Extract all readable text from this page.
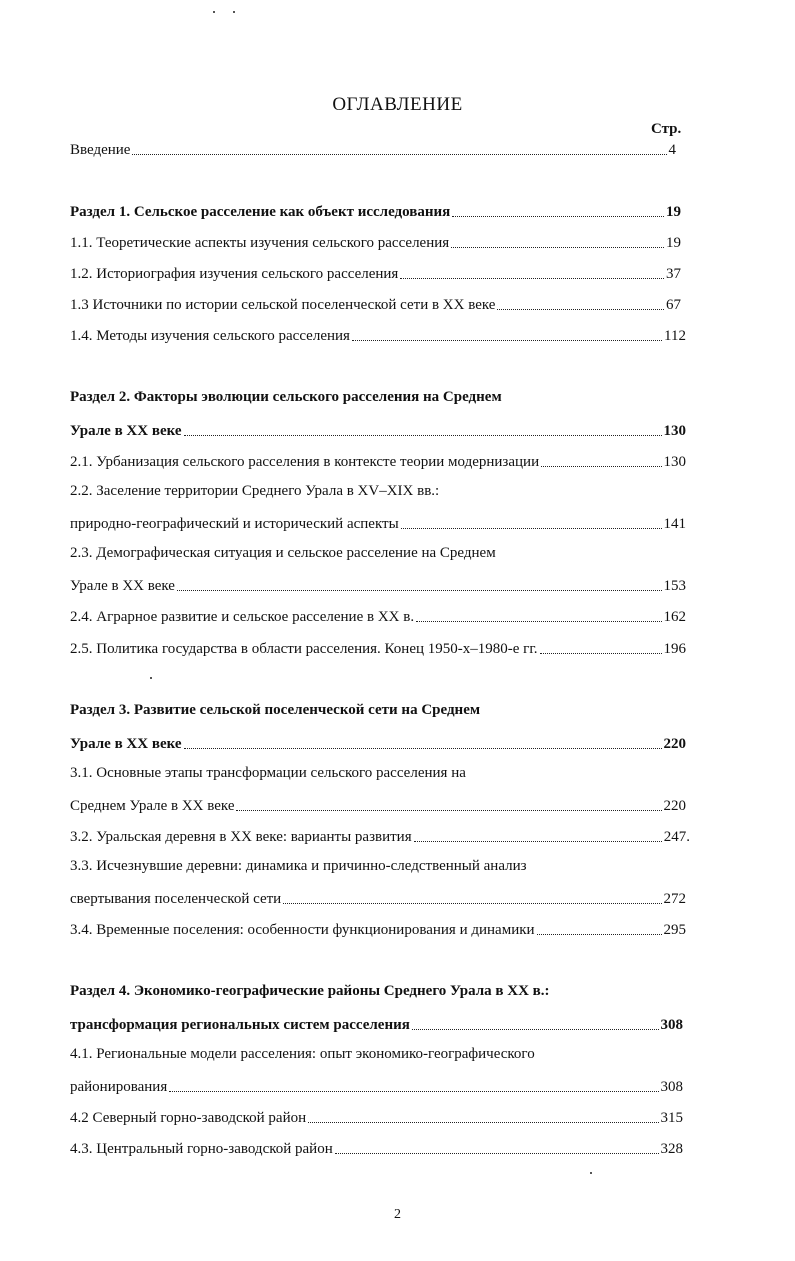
ОГЛАВЛЕНИЕ
Стр.
Введение	4
Раздел 1. Сельское расселение как объект исследования	19
1.1. Теоретические аспекты изучения сельского расселения	19
1.2. Историография изучения сельского расселения	37
1.3 Источники по истории сельской поселенческой сети в ХХ веке	67
1.4. Методы изучения сельского расселения	112
Раздел 2. Факторы эволюции сельского расселения на Среднем
Урале в ХХ веке	130
2.1. Урбанизация сельского расселения в контексте теории модернизации	130
2.2. Заселение территории Среднего Урала в XV–XIX вв.:
природно-географический и исторический аспекты	141
2.3. Демографическая ситуация и сельское расселение на Среднем
Урале в ХХ веке	153
2.4. Аграрное развитие и сельское расселение в ХХ в.	162
2.5. Политика государства в области расселения. Конец 1950-х–1980-е гг.	196
Раздел 3. Развитие сельской поселенческой сети на Среднем
Урале в ХХ веке	220
3.1. Основные этапы трансформации сельского расселения на
Среднем Урале в ХХ веке	220
3.2. Уральская деревня в ХХ веке: варианты развития	247.
3.3. Исчезнувшие деревни: динамика и причинно-следственный анализ
свертывания поселенческой сети	272
3.4. Временные поселения: особенности функционирования и динамики	295
Раздел 4. Экономико-географические районы Среднего Урала в ХХ в.:
трансформация региональных систем расселения	308
4.1. Региональные модели расселения: опыт экономико-географического
районирования	308
4.2 Северный горно-заводской район	315
4.3. Центральный горно-заводской район	328
2
